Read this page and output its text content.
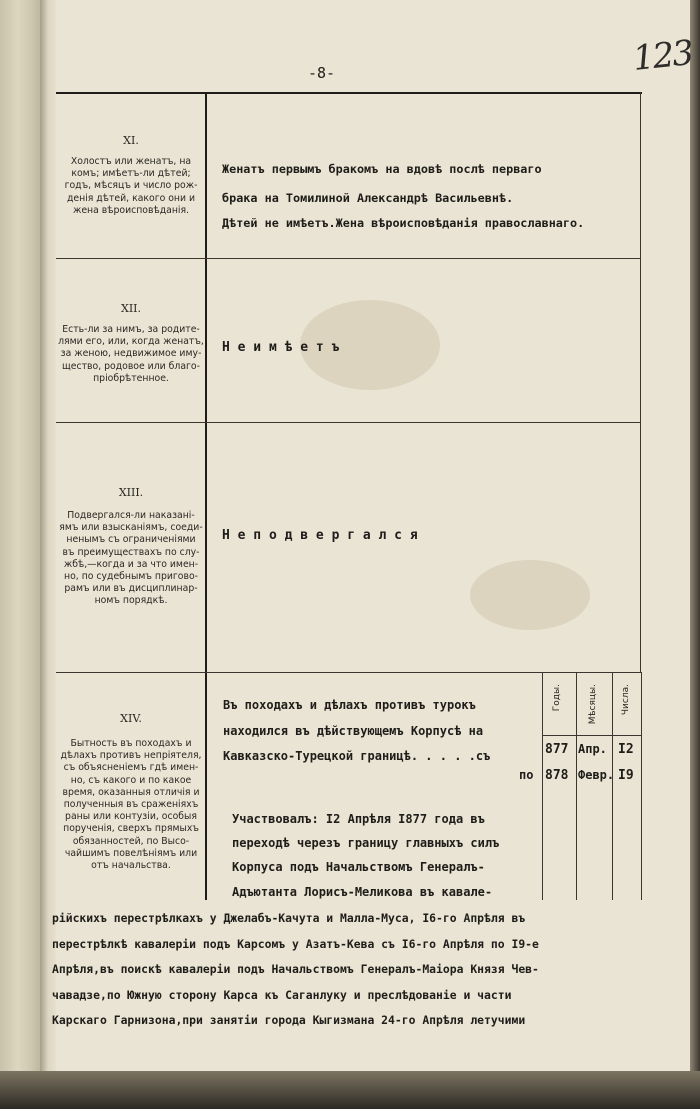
-8-	123
XI.
Холостъ или женатъ, на
комъ; имѣетъ-ли дѣтей;
годъ, мѣсяцъ и число рож-
денія дѣтей, какого они и
жена вѣроисповѣданія.
Женатъ первымъ бракомъ на вдовѣ послѣ перваго
брака на Томилиной Александрѣ Васильевнѣ.
Дѣтей не имѣетъ.Жена вѣроисповѣданія православнаго.
XII.
Есть-ли за нимъ, за родите-
лями его, или, когда женатъ,
за женою, недвижимое иму-
щество, родовое или благо-
пріобрѣтенное.
Н е и м ѣ е т ъ
XIII.
Подвергался-ли наказані-
ямъ или взысканіямъ, соеди-
ненымъ съ ограниченіями
въ преимуществахъ по слу-
жбѣ,—когда и за что имен-
но, по судебнымъ пригово-
рамъ или въ дисциплинар-
номъ порядкѣ.
Н е п о д в е р г а л с я
XIV.
Бытность въ походахъ и
дѣлахъ противъ непріятеля,
съ объясненіемъ гдѣ имен-
но, съ какого и по какое
время, оказанныя отличія и
полученныя въ сраженіяхъ
раны или контузіи, особыя
порученія, сверхъ прямыхъ
обязанностей, по Высо-
чайшимъ повелѣніямъ или
отъ начальства.
Годы.	Мѣсяцы.	Числа.
Въ походахъ и дѣлахъ противъ турокъ
находился въ дѣйствующемъ Корпусѣ на
Кавказско-Турецкой границѣ. . . . .съ	877 Апр. I2
по 878 Февр. I9
Участвовалъ: I2 Апрѣля I877 года въ
переходѣ черезъ границу главныхъ силъ
Корпуса подъ Начальствомъ Генералъ-
Адъютанта Лорисъ-Меликова въ кавале-
рійскихъ перестрѣлкахъ у Джелабъ-Качута и Малла-Муса, I6-го Апрѣля въ
перестрѣлкѣ кавалеріи подъ Карсомъ у Азатъ-Кева съ I6-го Апрѣля по I9-е
Апрѣля,въ поискѣ кавалеріи подъ Начальствомъ Генералъ-Маіора Князя Чев-
чавадзе,по Южную сторону Карса къ Саганлуку и преслѣдованіе и части
Карскаго Гарнизона,при занятіи города Кыгизмана 24-го Апрѣля летучими
